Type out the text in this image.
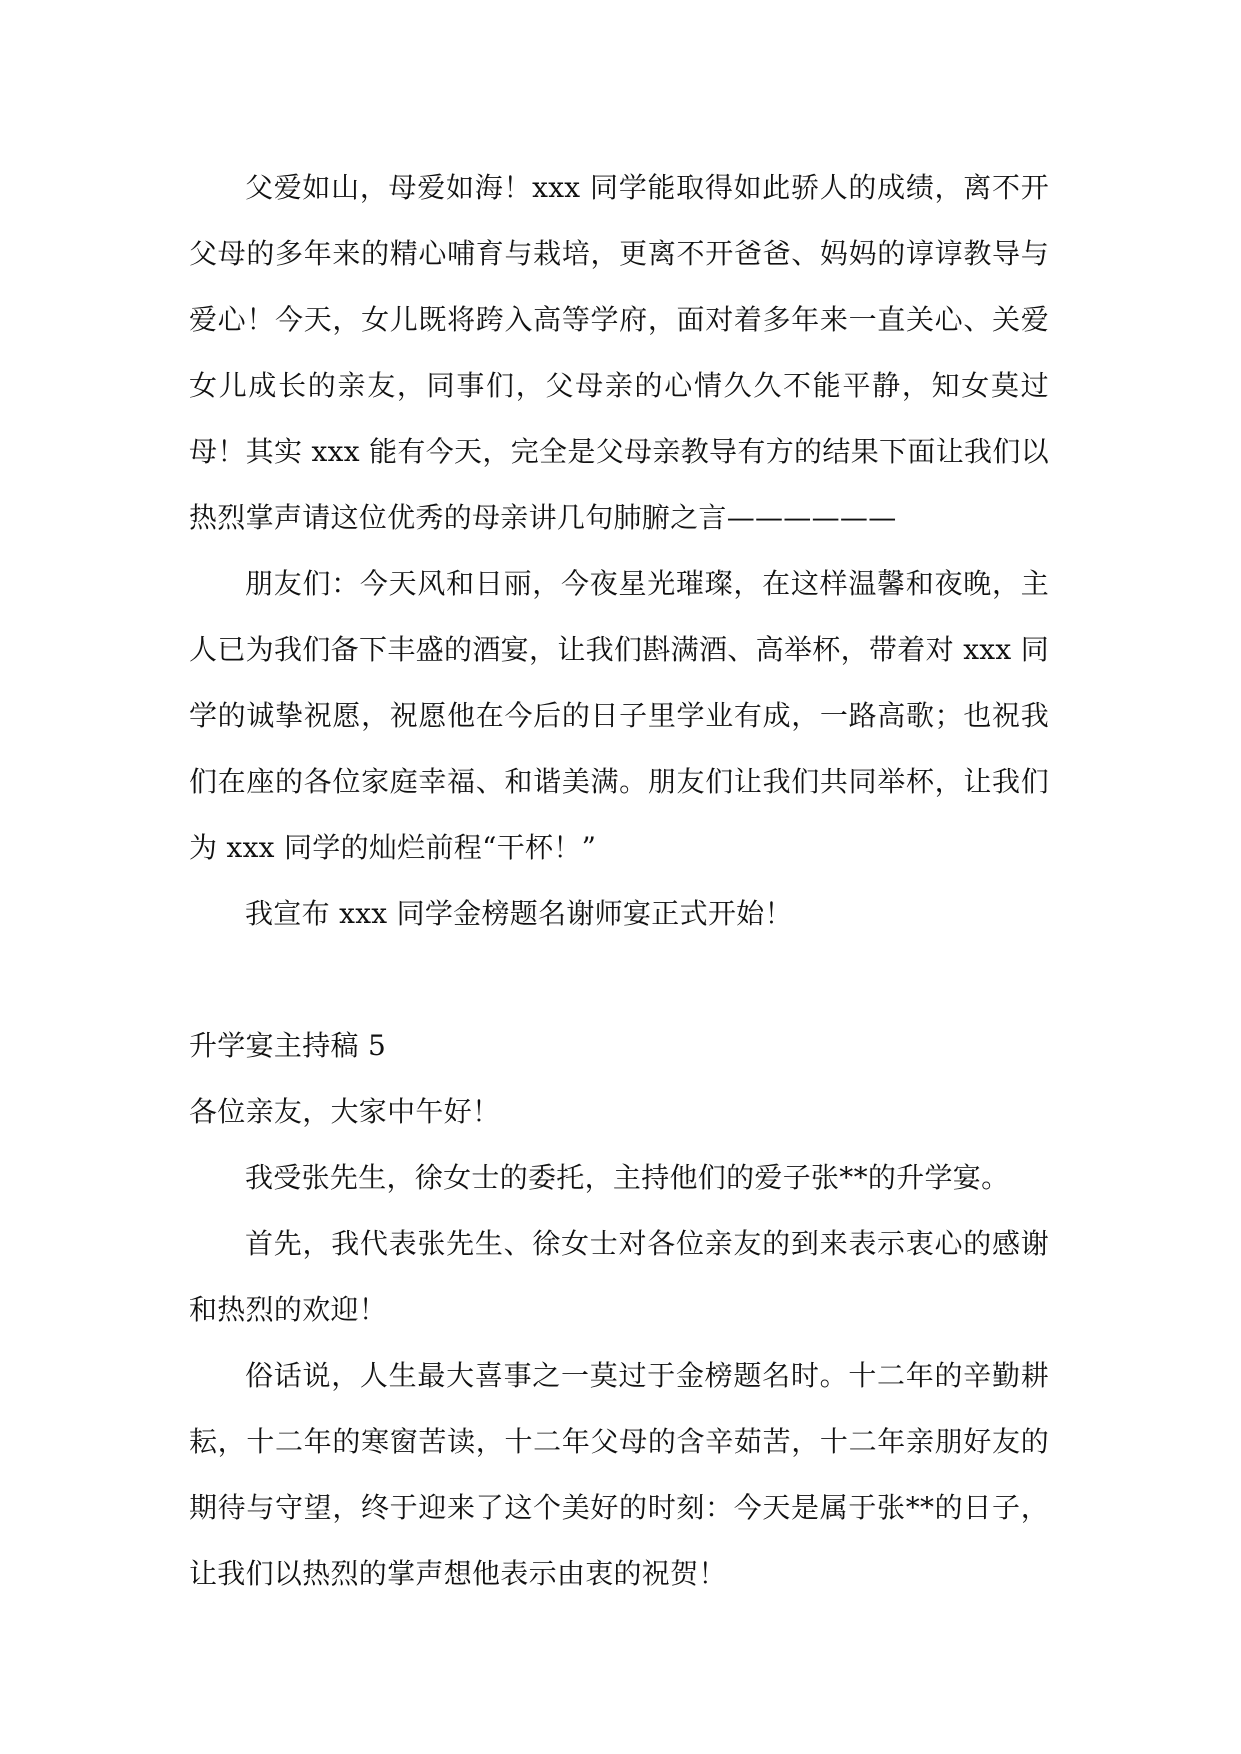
父爱如山，母爱如海！xxx 同学能取得如此骄人的成绩，离不开父母的多年来的精心哺育与栽培，更离不开爸爸、妈妈的谆谆教导与爱心！今天，女儿既将跨入高等学府，面对着多年来一直关心、关爱女儿成长的亲友，同事们，父母亲的心情久久不能平静，知女莫过母！其实 xxx 能有今天，完全是父母亲教导有方的结果下面让我们以热烈掌声请这位优秀的母亲讲几句肺腑之言——————

朋友们：今天风和日丽，今夜星光璀璨，在这样温馨和夜晚，主人已为我们备下丰盛的酒宴，让我们斟满酒、高举杯，带着对 xxx 同学的诚挚祝愿，祝愿他在今后的日子里学业有成，一路高歌；也祝我们在座的各位家庭幸福、和谐美满。朋友们让我们共同举杯，让我们为 xxx 同学的灿烂前程“干杯！”

我宣布 xxx 同学金榜题名谢师宴正式开始！

升学宴主持稿 5

各位亲友，大家中午好！

我受张先生，徐女士的委托，主持他们的爱子张**的升学宴。

首先，我代表张先生、徐女士对各位亲友的到来表示衷心的感谢和热烈的欢迎！

俗话说，人生最大喜事之一莫过于金榜题名时。十二年的辛勤耕耘，十二年的寒窗苦读，十二年父母的含辛茹苦，十二年亲朋好友的期待与守望，终于迎来了这个美好的时刻：今天是属于张**的日子，让我们以热烈的掌声想他表示由衷的祝贺！
